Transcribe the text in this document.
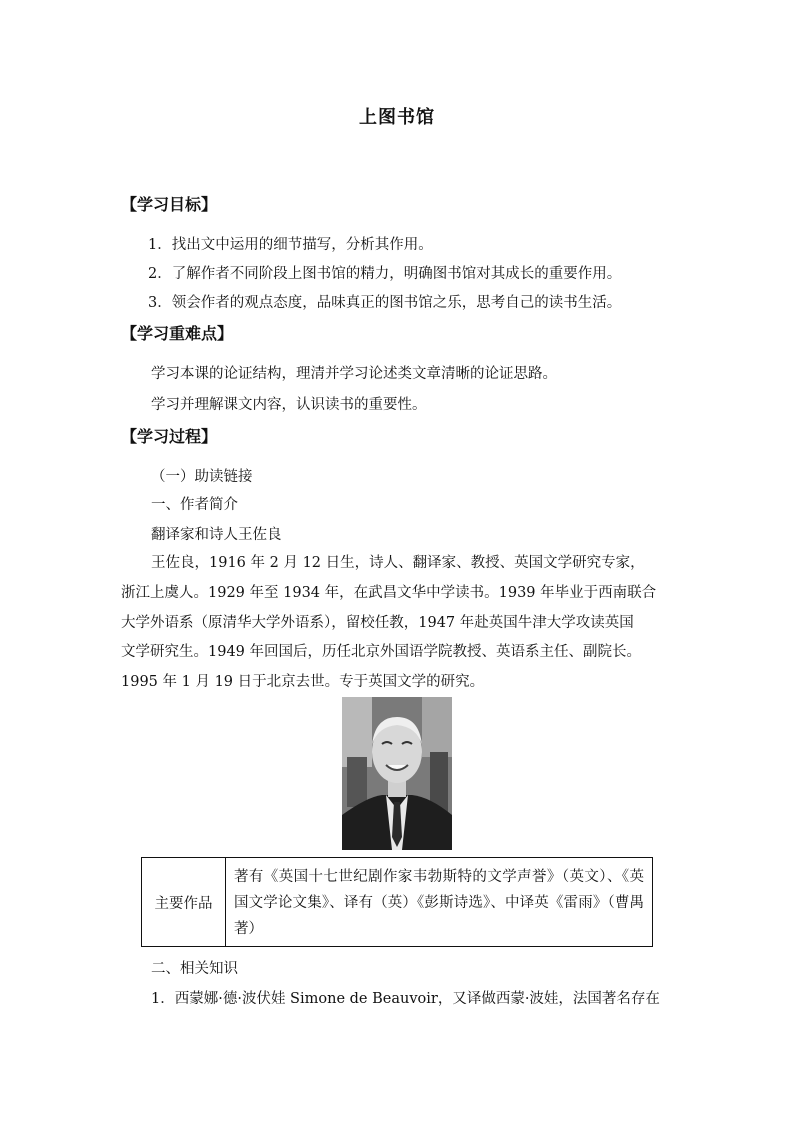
上图书馆
【学习目标】
1．找出文中运用的细节描写，分析其作用。
2．了解作者不同阶段上图书馆的精力，明确图书馆对其成长的重要作用。
3．领会作者的观点态度，品味真正的图书馆之乐，思考自己的读书生活。
【学习重难点】
学习本课的论证结构，理清并学习论述类文章清晰的论证思路。
学习并理解课文内容，认识读书的重要性。
【学习过程】
（一）助读链接
一、作者简介
翻译家和诗人王佐良
王佐良，1916 年 2 月 12 日生，诗人、翻译家、教授、英国文学研究专家，
浙江上虞人。1929 年至 1934 年，在武昌文华中学读书。1939 年毕业于西南联合
大学外语系（原清华大学外语系），留校任教，1947 年赴英国牛津大学攻读英国
文学研究生。1949 年回国后，历任北京外国语学院教授、英语系主任、副院长。
1995 年 1 月 19 日于北京去世。专于英国文学的研究。
主要作品	著有《英国十七世纪剧作家韦勃斯特的文学声誉》（英文）、《英国文学论文集》、译有（英）《彭斯诗选》、中译英《雷雨》（曹禺著）
二、相关知识
1．西蒙娜·德·波伏娃 Simone de Beauvoir，又译做西蒙·波娃，法国著名存在
